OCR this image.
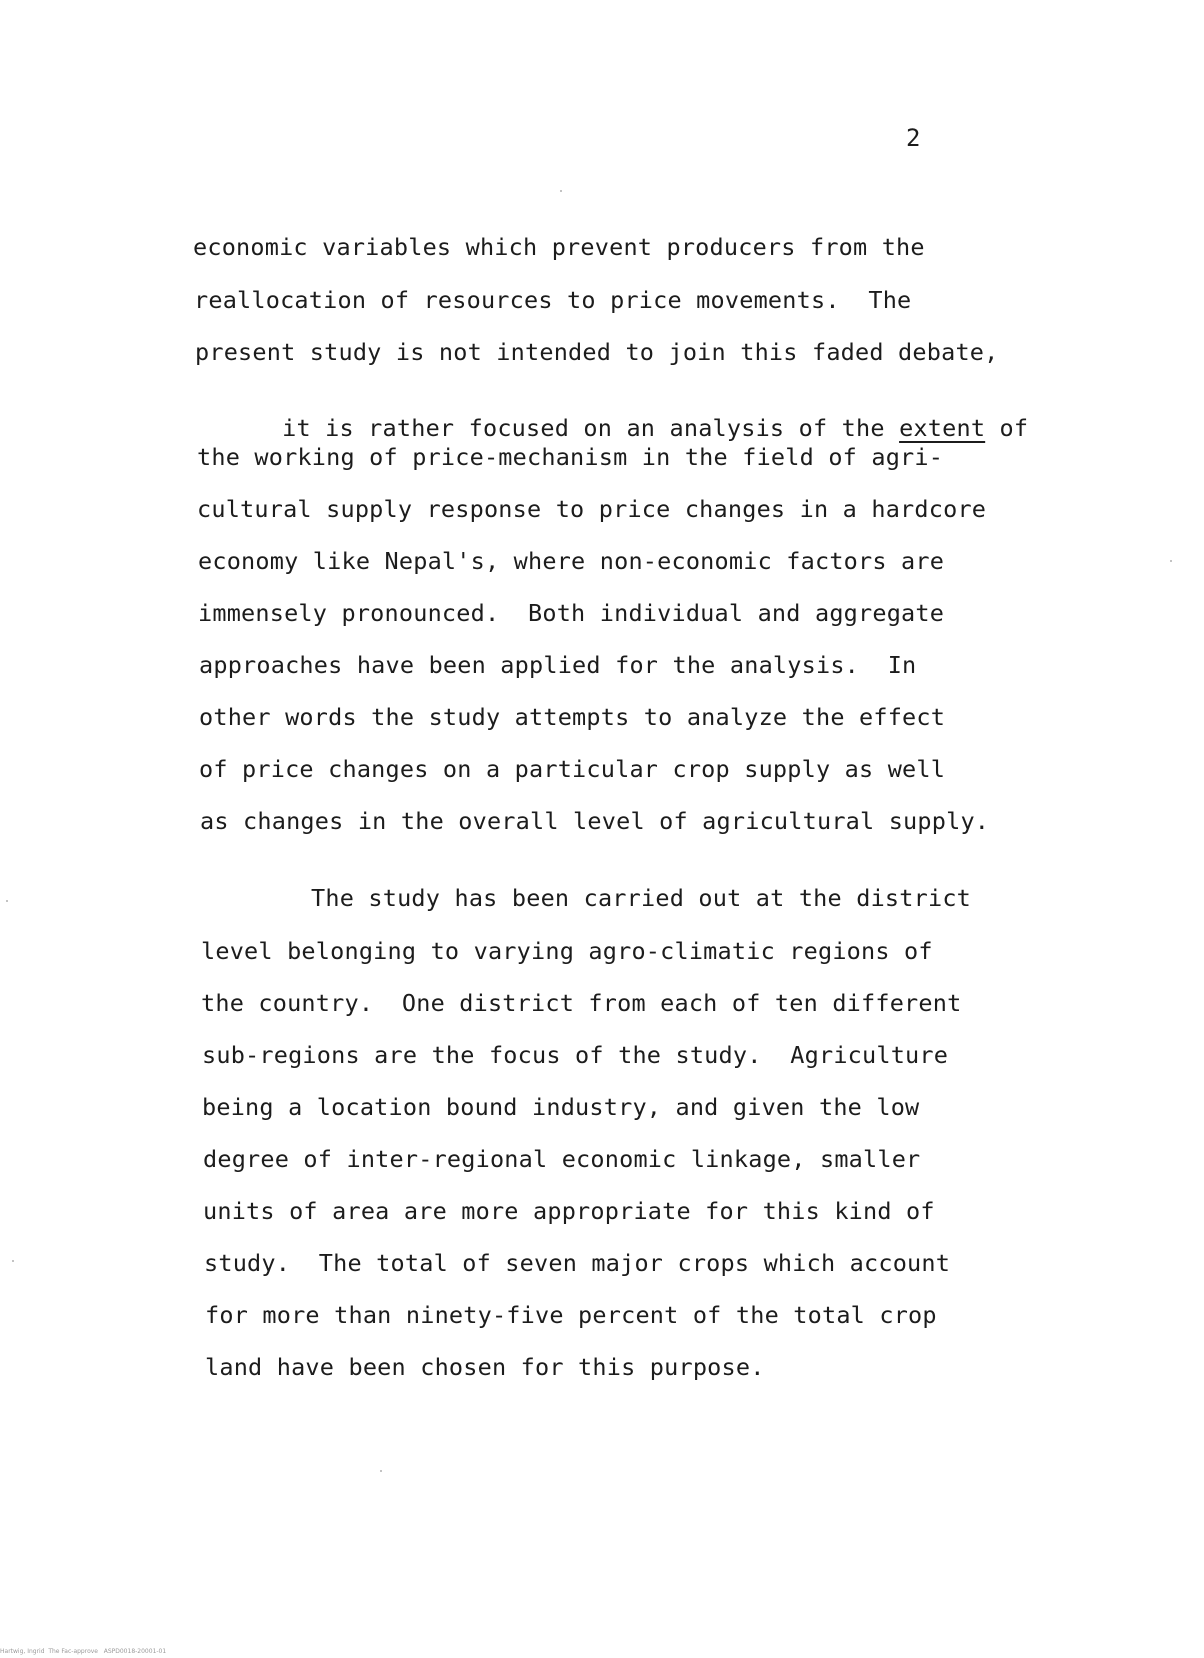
2
economic variables which prevent producers from the
reallocation of resources to price movements.  The
present study is not intended to join this faded debate,

it is rather focused on an analysis of the extent of

the working of price-mechanism in the field of agri-
cultural supply response to price changes in a hardcore
economy like Nepal's, where non-economic factors are
immensely pronounced.  Both individual and aggregate
approaches have been applied for the analysis.  In
other words the study attempts to analyze the effect
of price changes on a particular crop supply as well
as changes in the overall level of agricultural supply.
The study has been carried out at the district
level belonging to varying agro-climatic regions of
the country.  One district from each of ten different
sub-regions are the focus of the study.  Agriculture
being a location bound industry, and given the low
degree of inter-regional economic linkage, smaller
units of area are more appropriate for this kind of
study.  The total of seven major crops which account
for more than ninety-five percent of the total crop
land have been chosen for this purpose.
Hartwig, Ingrid  The Fac-approve   ASPD0018-20001-01
